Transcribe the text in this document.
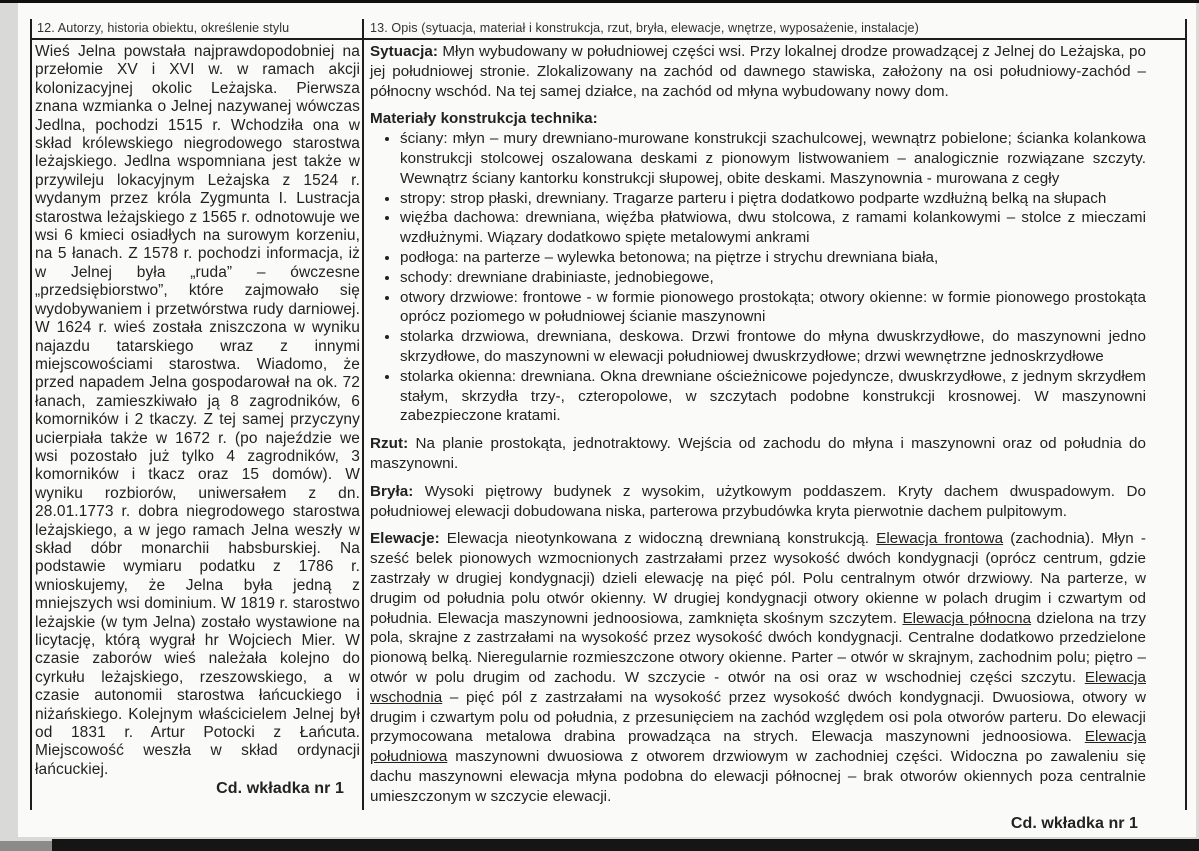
12. Autorzy, historia obiektu, określenie stylu	13. Opis (sytuacja, materiał i konstrukcja, rzut, bryła, elewacje, wnętrze, wyposażenie, instalacje)

Wieś Jelna powstała najprawdopodobniej na przełomie XV i XVI w. w ramach akcji kolonizacyjnej okolic Leżajska. Pierwsza znana wzmianka o Jelnej nazywanej wówczas Jedlna, pochodzi 1515 r. Wchodziła ona w skład królewskiego niegrodowego starostwa leżajskiego. Jedlna wspomniana jest także w przywileju lokacyjnym Leżajska z 1524 r. wydanym przez króla Zygmunta I. Lustracja starostwa leżajskiego z 1565 r. odnotowuje we wsi 6 kmieci osiadłych na surowym korzeniu, na 5 łanach. Z 1578 r. pochodzi informacja, iż w Jelnej była „ruda” – ówczesne „przedsiębiorstwo”, które zajmowało się wydobywaniem i przetwórstwa rudy darniowej. W 1624 r. wieś została zniszczona w wyniku najazdu tatarskiego wraz z innymi miejscowościami starostwa. Wiadomo, że przed napadem Jelna gospodarował na ok. 72 łanach, zamieszkiwało ją 8 zagrodników, 6 komorników i 2 tkaczy. Z tej samej przyczyny ucierpiała także w 1672 r. (po najeździe we wsi pozostało już tylko 4 zagrodników, 3 komorników i tkacz oraz 15 domów). W wyniku rozbiorów, uniwersałem z dn. 28.01.1773 r. dobra niegrodowego starostwa leżajskiego, a w jego ramach Jelna weszły w skład dóbr monarchii habsburskiej. Na podstawie wymiaru podatku z 1786 r. wnioskujemy, że Jelna była jedną z mniejszych wsi dominium. W 1819 r. starostwo leżajskie (w tym Jelna) zostało wystawione na licytację, którą wygrał hr Wojciech Mier. W czasie zaborów wieś należała kolejno do cyrkułu leżajskiego, rzeszowskiego, a w czasie autonomii starostwa łańcuckiego i niżańskiego. Kolejnym właścicielem Jelnej był od 1831 r. Artur Potocki z Łańcuta. Miejscowość weszła w skład ordynacji łańcuckiej.

Cd. wkładka nr 1

Sytuacja: Młyn wybudowany w południowej części wsi. Przy lokalnej drodze prowadzącej z Jelnej do Leżajska, po jej południowej stronie. Zlokalizowany na zachód od dawnego stawiska, założony na osi południowy-zachód – północny wschód. Na tej samej działce, na zachód od młyna wybudowany nowy dom.

Materiały konstrukcja technika:

• ściany: młyn – mury drewniano-murowane konstrukcji szachulcowej, wewnątrz pobielone; ścianka kolankowa konstrukcji stolcowej oszalowana deskami z pionowym listwowaniem – analogicznie rozwiązane szczyty. Wewnątrz ściany kantorku konstrukcji słupowej, obite deskami. Maszynownia - murowana z cegły
• stropy: strop płaski, drewniany. Tragarze parteru i piętra dodatkowo podparte wzdłużną belką na słupach
• więźba dachowa: drewniana, więźba płatwiowa, dwu stolcowa, z ramami kolankowymi – stolce z mieczami wzdłużnymi. Wiązary dodatkowo spięte metalowymi ankrami
• podłoga: na parterze – wylewka betonowa; na piętrze i strychu drewniana biała,
• schody: drewniane drabiniaste, jednobiegowe,
• otwory drzwiowe: frontowe - w formie pionowego prostokąta; otwory okienne: w formie pionowego prostokąta oprócz poziomego w południowej ścianie maszynowni
• stolarka drzwiowa, drewniana, deskowa. Drzwi frontowe do młyna dwuskrzydłowe, do maszynowni jedno skrzydłowe, do maszynowni w elewacji południowej dwuskrzydłowe; drzwi wewnętrzne jednoskrzydłowe
• stolarka okienna: drewniana. Okna drewniane ościeżnicowe pojedyncze, dwuskrzydłowe, z jednym skrzydłem stałym, skrzydła trzy-, czteropolowe, w szczytach podobne konstrukcji krosnowej. W maszynowni zabezpieczone kratami.

Rzut: Na planie prostokąta, jednotraktowy. Wejścia od zachodu do młyna i maszynowni oraz od południa do maszynowni.

Bryła: Wysoki piętrowy budynek z wysokim, użytkowym poddaszem. Kryty dachem dwuspadowym. Do południowej elewacji dobudowana niska, parterowa przybudówka kryta pierwotnie dachem pulpitowym.

Elewacje: Elewacja nieotynkowana z widoczną drewnianą konstrukcją. Elewacja frontowa (zachodnia). Młyn - sześć belek pionowych wzmocnionych zastrzałami przez wysokość dwóch kondygnacji (oprócz centrum, gdzie zastrzały w drugiej kondygnacji) dzieli elewację na pięć pól. Polu centralnym otwór drzwiowy. Na parterze, w drugim od południa polu otwór okienny. W drugiej kondygnacji otwory okienne w polach drugim i czwartym od południa. Elewacja maszynowni jednoosiowa, zamknięta skośnym szczytem. Elewacja północna dzielona na trzy pola, skrajne z zastrzałami na wysokość przez wysokość dwóch kondygnacji. Centralne dodatkowo przedzielone pionową belką. Nieregularnie rozmieszczone otwory okienne. Parter – otwór w skrajnym, zachodnim polu; piętro – otwór w polu drugim od zachodu. W szczycie - otwór na osi oraz w wschodniej części szczytu. Elewacja wschodnia – pięć pól z zastrzałami na wysokość przez wysokość dwóch kondygnacji. Dwuosiowa, otwory w drugim i czwartym polu od południa, z przesunięciem na zachód względem osi pola otworów parteru. Do elewacji przymocowana metalowa drabina prowadząca na strych. Elewacja maszynowni jednoosiowa. Elewacja południowa maszynowni dwuosiowa z otworem drzwiowym w zachodniej części. Widoczna po zawaleniu się dachu maszynowni elewacja młyna podobna do elewacji północnej – brak otworów okiennych poza centralnie umieszczonym w szczycie elewacji.

Cd. wkładka nr 1
